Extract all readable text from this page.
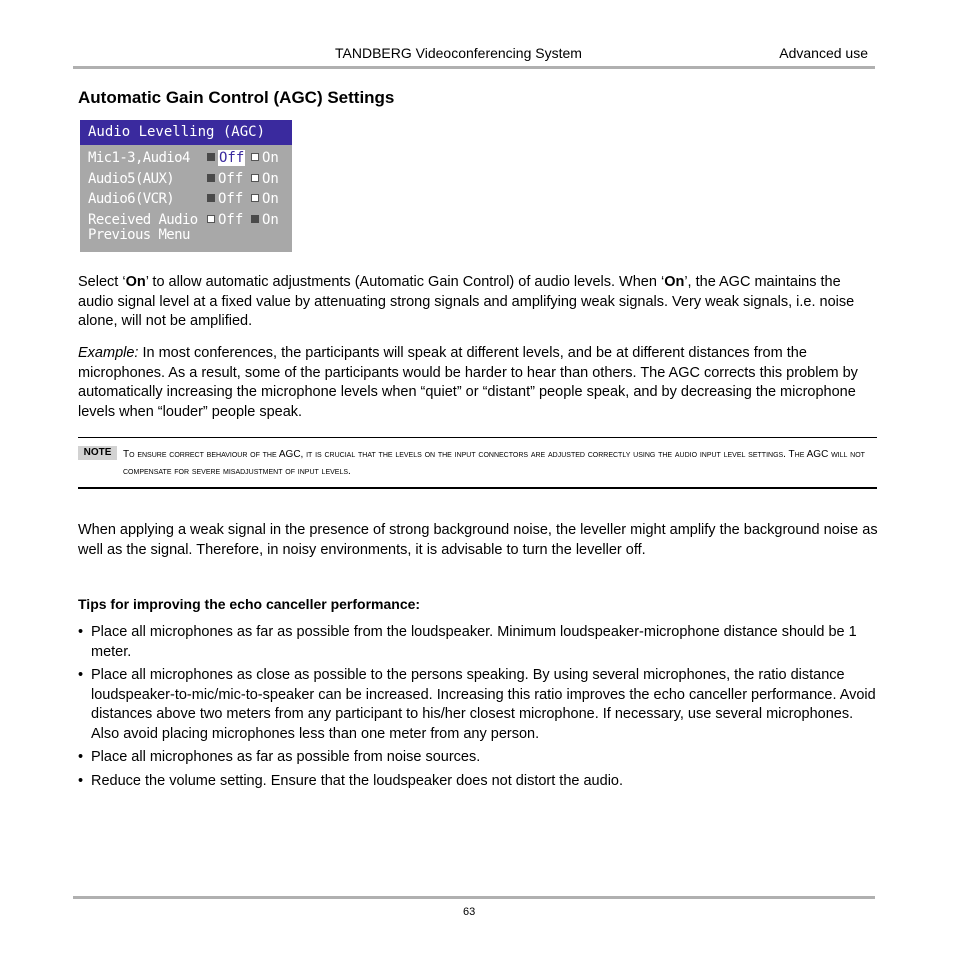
TANDBERG Videoconferencing System	Advanced use
Automatic Gain Control (AGC) Settings
Audio Levelling (AGC)
Mic1-3,Audio4	Off	On
Audio5(AUX)	Off	On
Audio6(VCR)	Off	On
Received Audio	Off	On
Previous Menu
Select ‘On’ to allow automatic adjustments (Automatic Gain Control) of audio levels. When ‘On’, the AGC maintains the audio signal level at a fixed value by attenuating strong signals and amplifying weak signals. Very weak signals, i.e. noise alone, will not be amplified.
Example: In most conferences, the participants will speak at different levels, and be at different distances from the microphones. As a result, some of the participants would be harder to hear than others. The AGC corrects this problem by automatically increasing the microphone levels when “quiet” or “distant” people speak, and by decreasing the microphone levels when “louder” people speak.
NOTE	To ensure correct behaviour of the AGC, it is crucial that the levels on the input connectors are adjusted correctly using the audio input level settings. The AGC will not compensate for severe misadjustment of input levels.
When applying a weak signal in the presence of strong background noise, the leveller might amplify the background noise as well as the signal. Therefore, in noisy environments, it is advisable to turn the leveller off.
Tips for improving the echo canceller performance:
• Place all microphones as far as possible from the loudspeaker. Minimum loudspeaker-microphone distance should be 1 meter.
• Place all microphones as close as possible to the persons speaking. By using several microphones, the ratio distance loudspeaker-to-mic/mic-to-speaker can be increased. Increasing this ratio improves the echo canceller performance. Avoid distances above two meters from any participant to his/her closest microphone. If necessary, use several microphones. Also avoid placing microphones less than one meter from any person.
• Place all microphones as far as possible from noise sources.
• Reduce the volume setting. Ensure that the loudspeaker does not distort the audio.
63
